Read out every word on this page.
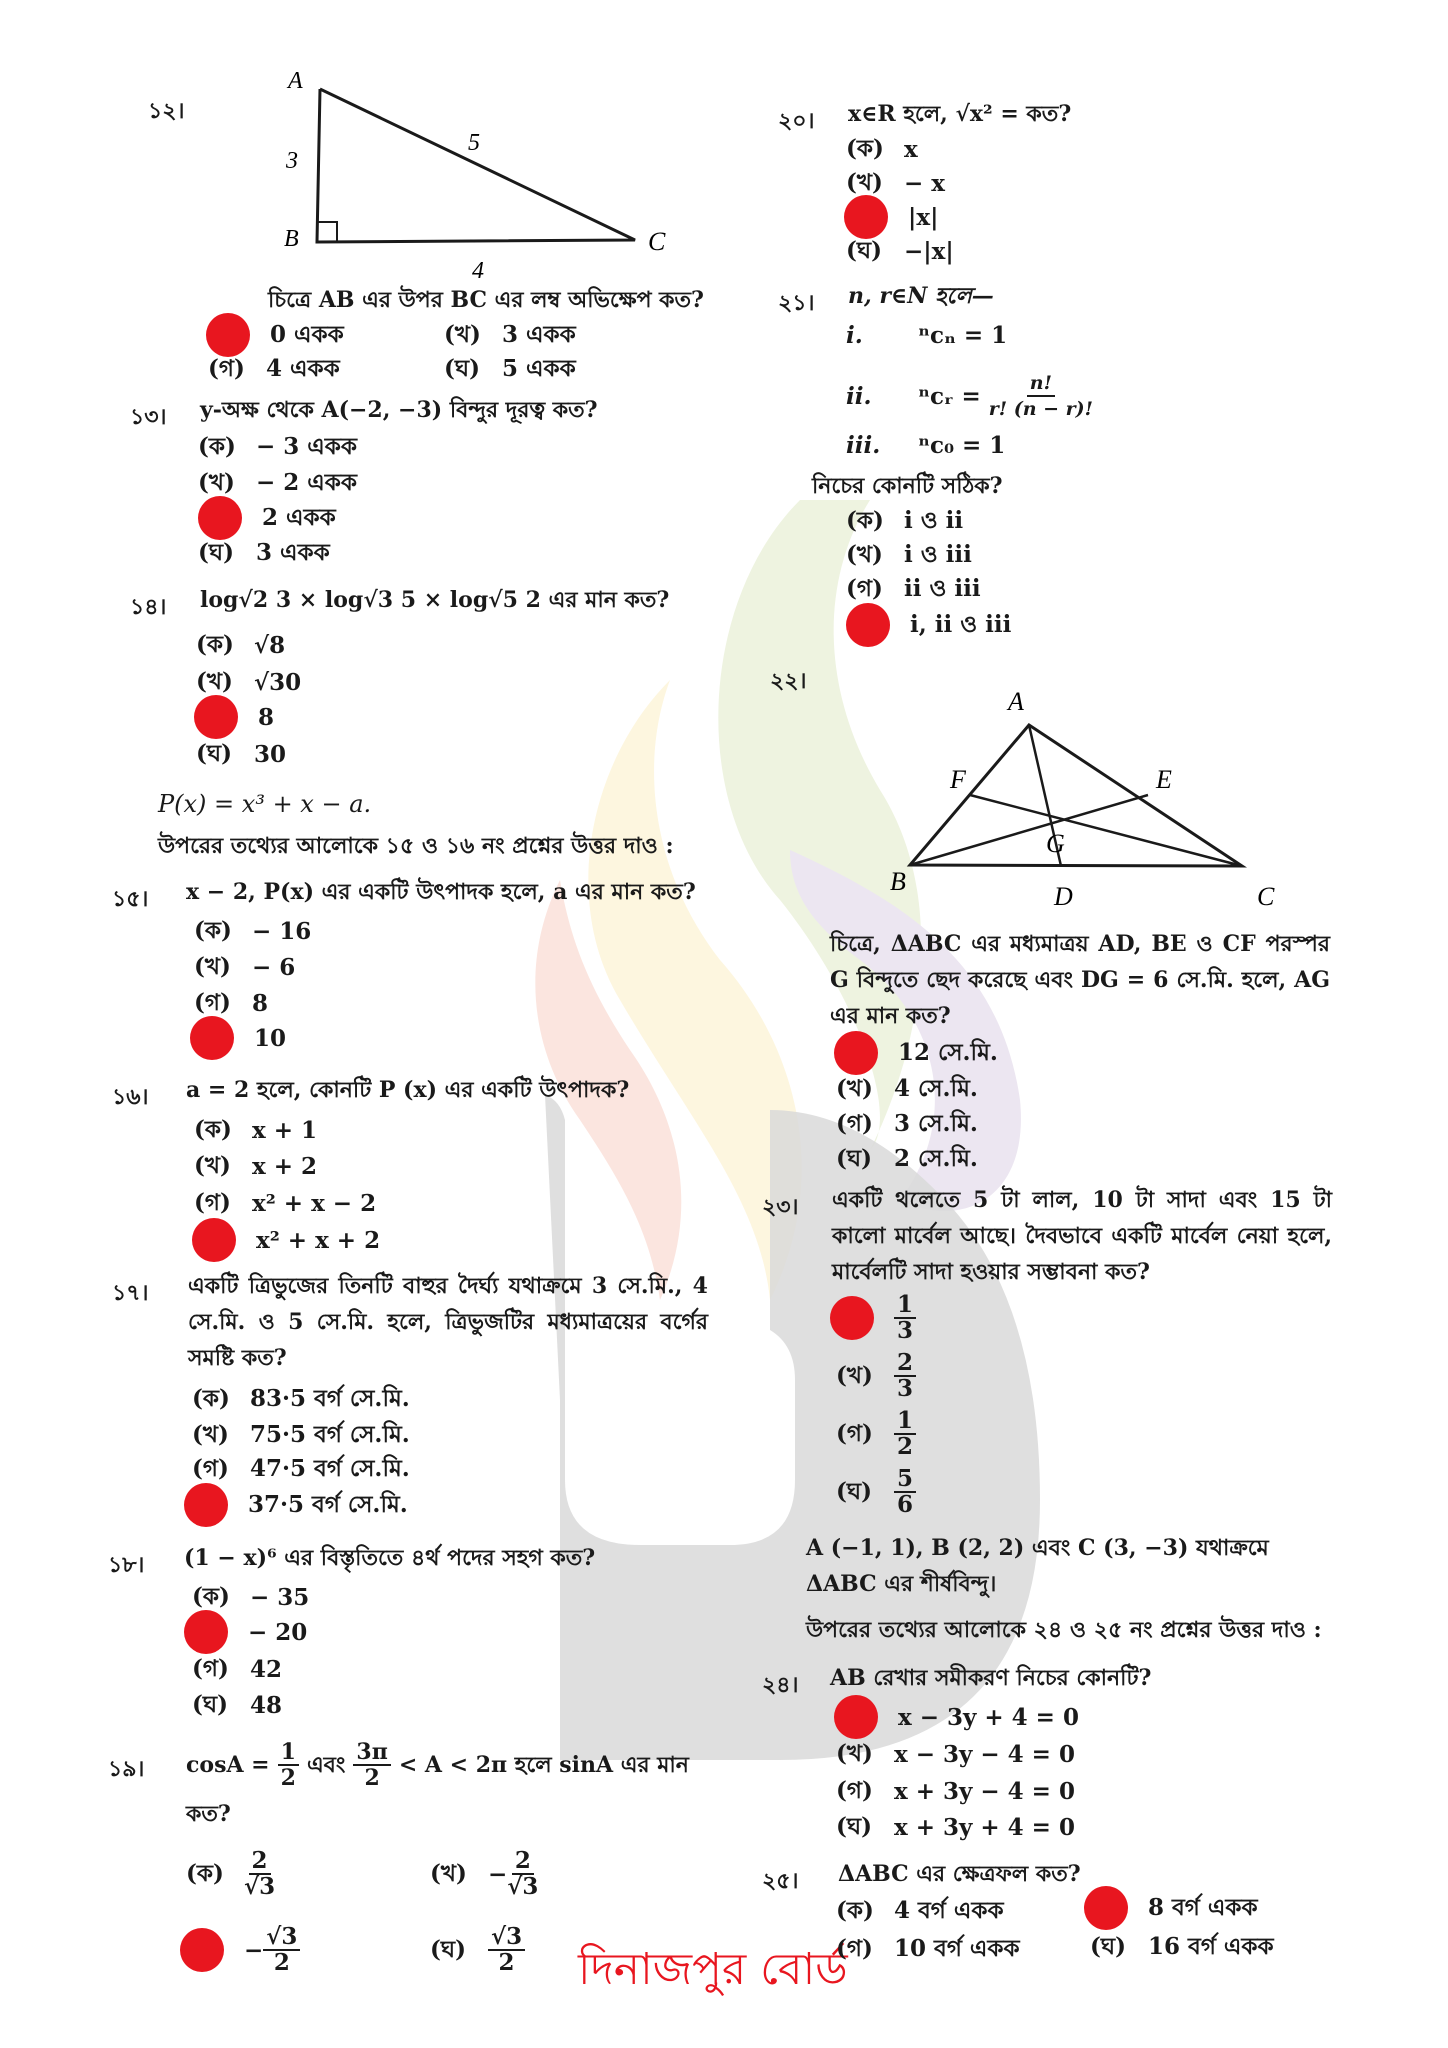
১২।
A
B	C
3
5
4
চিত্রে AB এর উপর BC এর লম্ব অভিক্ষেপ কত?
0 একক	(খ) 3 একক
(গ) 4 একক	(ঘ) 5 একক
১৩। y-অক্ষ থেকে A(−2, −3) বিন্দুর দূরত্ব কত?
(ক) − 3 একক
(খ) − 2 একক
2 একক
(ঘ) 3 একক
১৪। log√2 3 × log√3 5 × log√5 2 এর মান কত?
(ক) √8
(খ) √30
8
(ঘ) 30
P(x) = x³ + x − a.
উপরের তথ্যের আলোকে ১৫ ও ১৬ নং প্রশ্নের উত্তর দাও :
১৫। x − 2, P(x) এর একটি উৎপাদক হলে, a এর মান কত?
(ক) − 16
(খ) − 6
(গ) 8
10
১৬। a = 2 হলে, কোনটি P (x) এর একটি উৎপাদক?
(ক) x + 1
(খ) x + 2
(গ) x² + x − 2
x² + x + 2
১৭। একটি ত্রিভুজের তিনটি বাহুর দৈর্ঘ্য যথাক্রমে 3 সে.মি., 4 সে.মি. ও 5 সে.মি. হলে, ত্রিভুজটির মধ্যমাত্রয়ের বর্গের সমষ্টি কত?
(ক) 83·5 বর্গ সে.মি.
(খ) 75·5 বর্গ সে.মি.
(গ) 47·5 বর্গ সে.মি.
37·5 বর্গ সে.মি.
১৮। (1 − x)⁶ এর বিস্তৃতিতে ৪র্থ পদের সহগ কত?
(ক) − 35
− 20
(গ) 42
(ঘ) 48
১৯। $\cos A = \frac{1}{2}$ এবং $\frac{3\pi}{2} < A < 2\pi$ হলে sinA এর মান
কত?
(ক) $\frac{2}{√3}$	(খ) − $\frac{2}{√3}$
− $\frac{√3}{2}$	(ঘ) $\frac{√3}{2}$ দিনাজপুর বোর্ড
২০। x∈R হলে, √x² = কত?
(ক) x
(খ) − x
|x|
(ঘ) −|x|
২১। n, r∈N হলে—
i.	ⁿcₙ = 1
ii.	ⁿcᵣ =
$\frac{n!}{r! (n - r)!}$
iii.	ⁿc₀ = 1
নিচের কোনটি সঠিক?
(ক) i ও ii
(খ) i ও iii
(গ) ii ও iii
i, ii ও iii
২২।
A
B
C
D
E
F
G
চিত্রে, ΔABC এর মধ্যমাত্রয় AD, BE ও CF পরস্পর G বিন্দুতে ছেদ করেছে এবং DG = 6 সে.মি. হলে, AG এর মান কত?
12 সে.মি.
(খ) 4 সে.মি.
(গ) 3 সে.মি.
(ঘ) 2 সে.মি.
২৩। একটি থলেতে 5 টা লাল, 10 টা সাদা এবং 15 টা কালো মার্বেল আছে। দৈবভাবে একটি মার্বেল নেয়া হলে, মার্বেলটি সাদা হওয়ার সম্ভাবনা কত?
$\frac{1}{3}$
(খ) $\frac{2}{3}$
(গ) $\frac{1}{2}$
(ঘ) $\frac{5}{6}$
A (−1, 1), B (2, 2) এবং C (3, −3) যথাক্রমে ΔABC এর শীর্ষবিন্দু।
উপরের তথ্যের আলোকে ২৪ ও ২৫ নং প্রশ্নের উত্তর দাও :
২৪। AB রেখার সমীকরণ নিচের কোনটি?
x − 3y + 4 = 0
(খ) x − 3y − 4 = 0
(গ) x + 3y − 4 = 0
(ঘ) x + 3y + 4 = 0
২৫। ΔABC এর ক্ষেত্রফল কত?
(ক) 4 বর্গ একক	8 বর্গ একক
(গ) 10 বর্গ একক	(ঘ) 16 বর্গ একক
